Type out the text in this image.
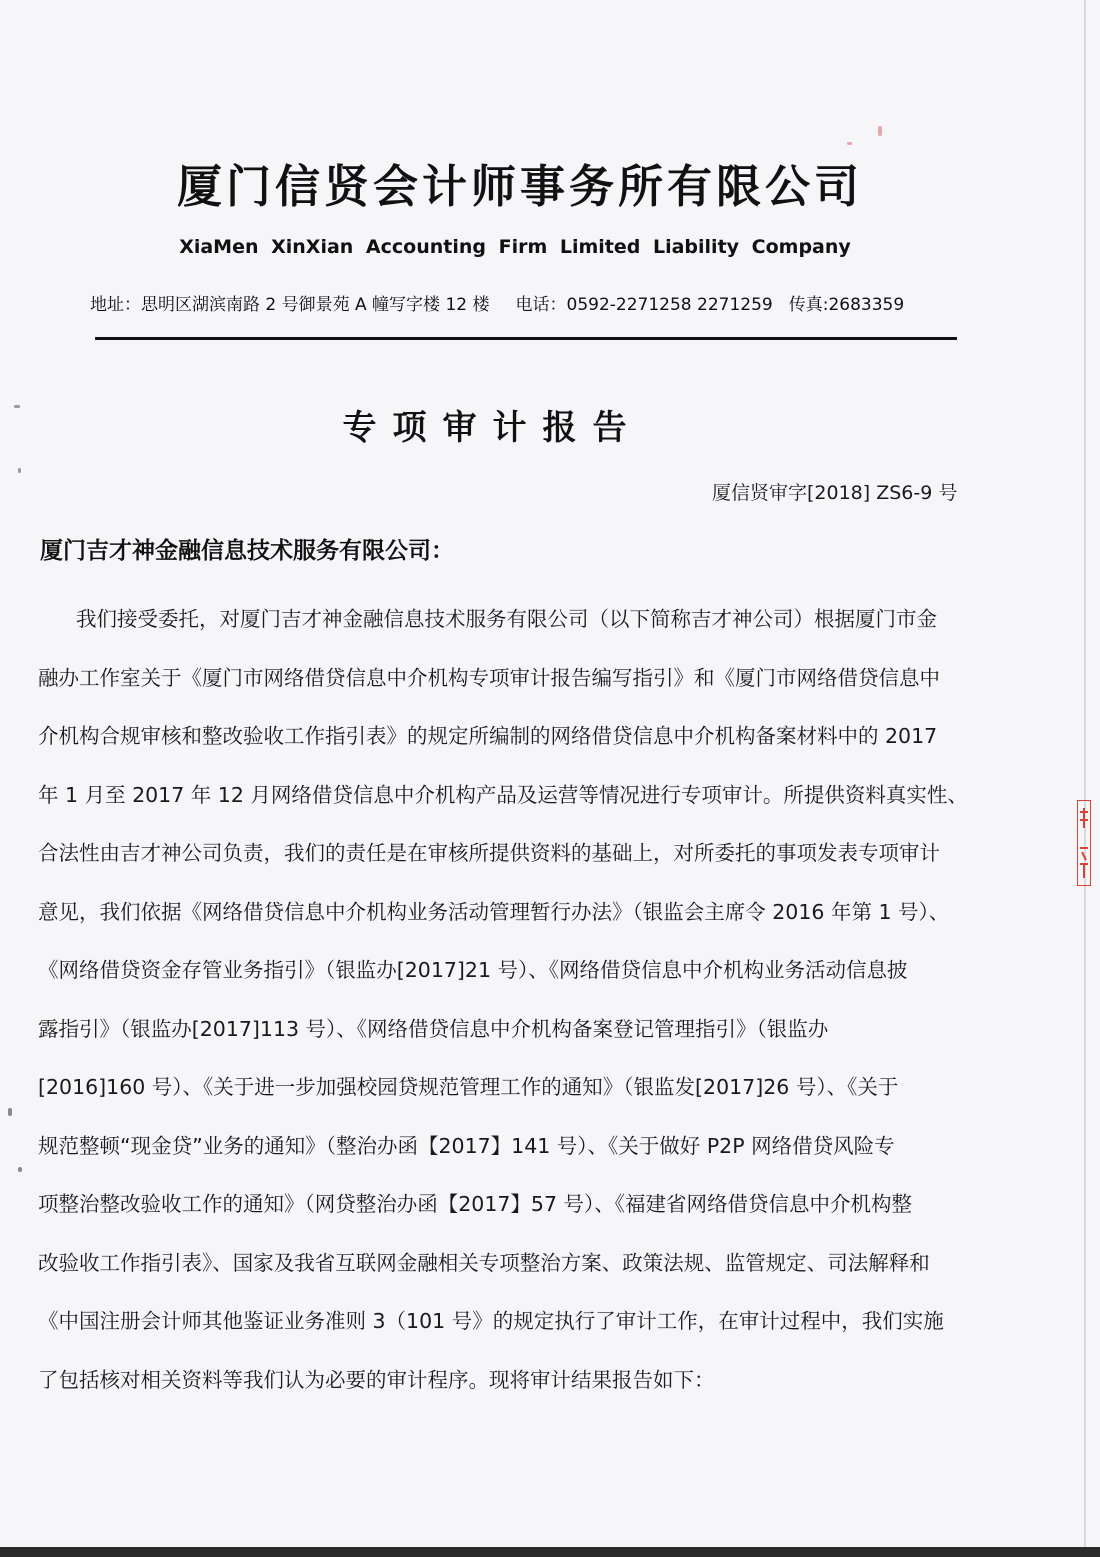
厦门信贤会计师事务所有限公司
XiaMen XinXian Accounting Firm Limited Liability Company
地址：思明区湖滨南路 2 号御景苑 A 幢写字楼 12 楼 电话：0592-2271258 2271259 传真:2683359
专项审计报告
厦信贤审字[2018] ZS6-9 号
厦门吉才神金融信息技术服务有限公司：
我们接受委托，对厦门吉才神金融信息技术服务有限公司（以下简称吉才神公司）根据厦门市金
融办工作室关于《厦门市网络借贷信息中介机构专项审计报告编写指引》和《厦门市网络借贷信息中
介机构合规审核和整改验收工作指引表》的规定所编制的网络借贷信息中介机构备案材料中的 2017
年 1 月至 2017 年 12 月网络借贷信息中介机构产品及运营等情况进行专项审计。所提供资料真实性、
合法性由吉才神公司负责，我们的责任是在审核所提供资料的基础上，对所委托的事项发表专项审计
意见，我们依据《网络借贷信息中介机构业务活动管理暂行办法》（银监会主席令 2016 年第 1 号）、
《网络借贷资金存管业务指引》（银监办[2017]21 号）、《网络借贷信息中介机构业务活动信息披
露指引》（银监办[2017]113 号）、《网络借贷信息中介机构备案登记管理指引》（银监办
[2016]160 号）、《关于进一步加强校园贷规范管理工作的通知》（银监发[2017]26 号）、《关于
规范整顿“现金贷”业务的通知》（整治办函【2017】141 号）、《关于做好 P2P 网络借贷风险专
项整治整改验收工作的通知》（网贷整治办函【2017】57 号）、《福建省网络借贷信息中介机构整
改验收工作指引表》、国家及我省互联网金融相关专项整治方案、政策法规、监管规定、司法解释和
《中国注册会计师其他鉴证业务准则 3（101 号》的规定执行了审计工作，在审计过程中，我们实施
了包括核对相关资料等我们认为必要的审计程序。现将审计结果报告如下：
